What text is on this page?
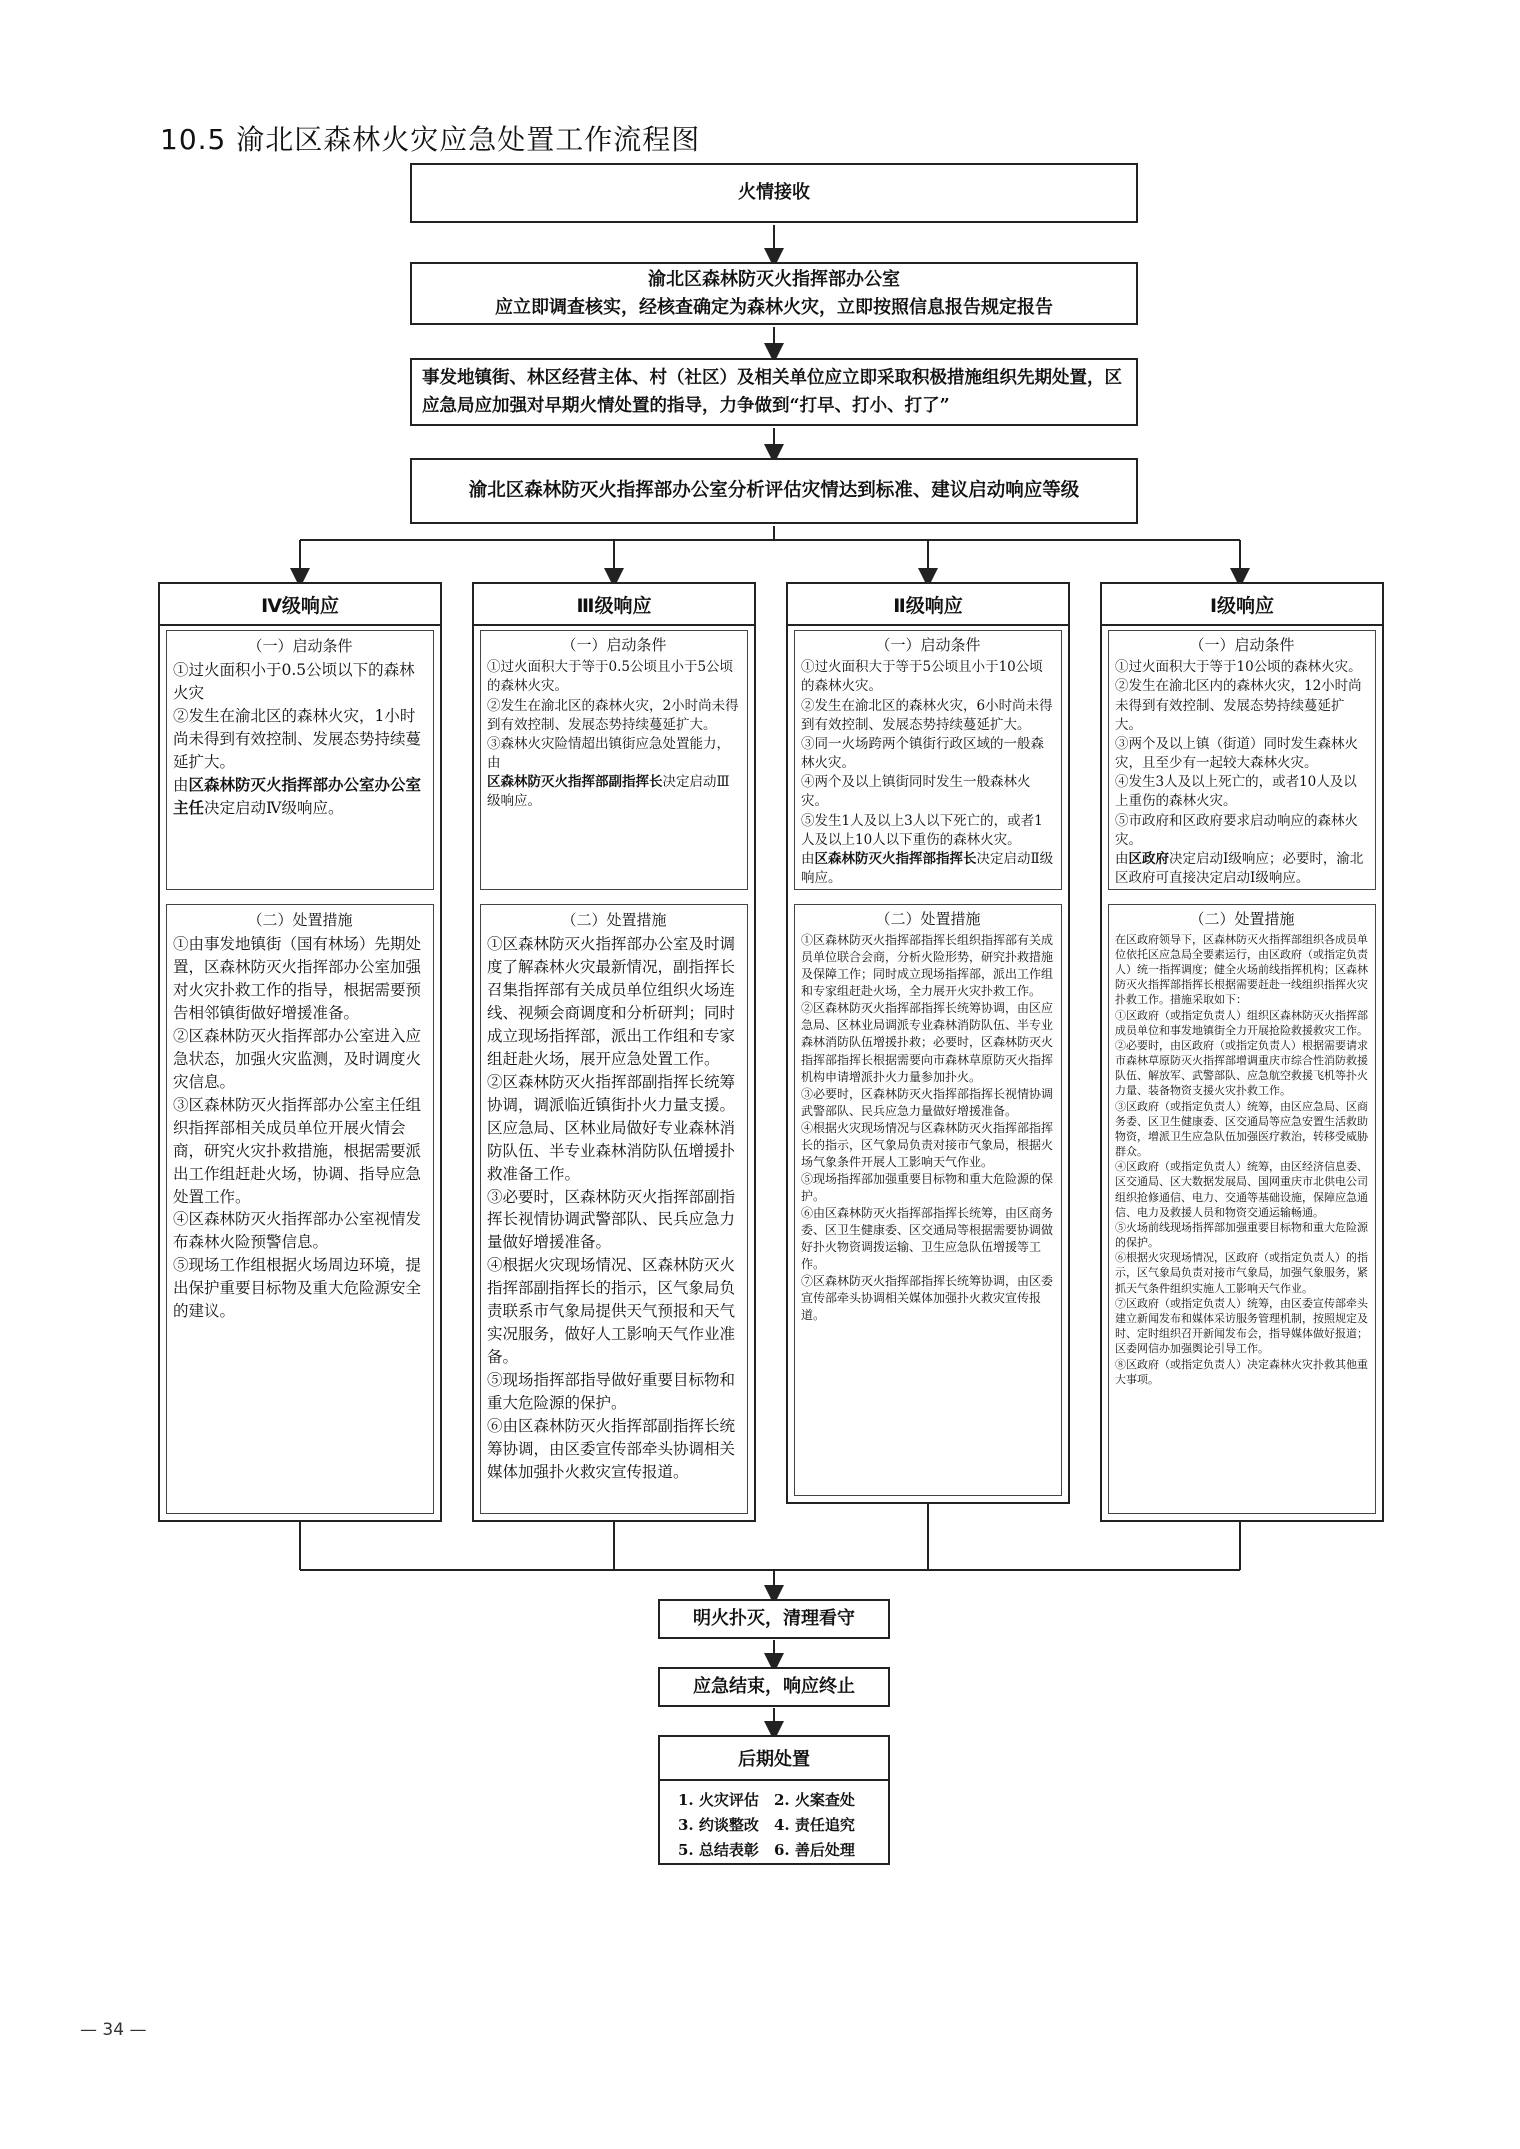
10.5 渝北区森林火灾应急处置工作流程图
火情接收
渝北区森林防灭火指挥部办公室
应立即调查核实，经核查确定为森林火灾，立即按照信息报告规定报告
事发地镇街、林区经营主体、村（社区）及相关单位应立即采取积极措施组织先期处置，区应急局应加强对早期火情处置的指导，力争做到“打早、打小、打了”
渝北区森林防灭火指挥部办公室分析评估灾情达到标准、建议启动响应等级
Ⅳ级响应
（一）启动条件

①过火面积小于0.5公顷以下的森林火灾

②发生在渝北区的森林火灾，1小时尚未得到有效控制、发展态势持续蔓延扩大。

由区森林防灭火指挥部办公室办公室主任决定启动Ⅳ级响应。

（二）处置措施

①由事发地镇街（国有林场）先期处置，区森林防灭火指挥部办公室加强对火灾扑救工作的指导，根据需要预告相邻镇街做好增援准备。

②区森林防灭火指挥部办公室进入应急状态，加强火灾监测，及时调度火灾信息。

③区森林防灭火指挥部办公室主任组织指挥部相关成员单位开展火情会商，研究火灾扑救措施，根据需要派出工作组赶赴火场，协调、指导应急处置工作。

④区森林防灭火指挥部办公室视情发布森林火险预警信息。

⑤现场工作组根据火场周边环境，提出保护重要目标物及重大危险源安全的建议。

Ⅲ级响应
（一）启动条件

①过火面积大于等于0.5公顷且小于5公顷的森林火灾。

②发生在渝北区的森林火灾，2小时尚未得到有效控制、发展态势持续蔓延扩大。

③森林火灾险情超出镇街应急处置能力，由

区森林防灭火指挥部副指挥长决定启动Ⅲ级响应。

（二）处置措施

①区森林防灭火指挥部办公室及时调度了解森林火灾最新情况，副指挥长召集指挥部有关成员单位组织火场连线、视频会商调度和分析研判；同时成立现场指挥部，派出工作组和专家组赶赴火场，展开应急处置工作。

②区森林防灭火指挥部副指挥长统筹协调，调派临近镇街扑火力量支援。区应急局、区林业局做好专业森林消防队伍、半专业森林消防队伍增援扑救准备工作。

③必要时，区森林防灭火指挥部副指挥长视情协调武警部队、民兵应急力量做好增援准备。

④根据火灾现场情况、区森林防灭火指挥部副指挥长的指示，区气象局负责联系市气象局提供天气预报和天气实况服务，做好人工影响天气作业准备。

⑤现场指挥部指导做好重要目标物和重大危险源的保护。

⑥由区森林防灭火指挥部副指挥长统筹协调，由区委宣传部牵头协调相关媒体加强扑火救灾宣传报道。

Ⅱ级响应
（一）启动条件

①过火面积大于等于5公顷且小于10公顷的森林火灾。

②发生在渝北区的森林火灾，6小时尚未得到有效控制、发展态势持续蔓延扩大。

③同一火场跨两个镇街行政区域的一般森林火灾。

④两个及以上镇街同时发生一般森林火灾。

⑤发生1人及以上3人以下死亡的，或者1人及以上10人以下重伤的森林火灾。

由区森林防灭火指挥部指挥长决定启动Ⅱ级响应。

（二）处置措施

①区森林防灭火指挥部指挥长组织指挥部有关成员单位联合会商，分析火险形势，研究扑救措施及保障工作；同时成立现场指挥部，派出工作组和专家组赶赴火场，全力展开火灾扑救工作。

②区森林防灭火指挥部指挥长统筹协调，由区应急局、区林业局调派专业森林消防队伍、半专业森林消防队伍增援扑救；必要时，区森林防灭火指挥部指挥长根据需要向市森林草原防灭火指挥机构申请增派扑火力量参加扑火。

③必要时，区森林防灭火指挥部指挥长视情协调武警部队、民兵应急力量做好增援准备。

④根据火灾现场情况与区森林防灭火指挥部指挥长的指示，区气象局负责对接市气象局，根据火场气象条件开展人工影响天气作业。

⑤现场指挥部加强重要目标物和重大危险源的保护。

⑥由区森林防灭火指挥部指挥长统筹，由区商务委、区卫生健康委、区交通局等根据需要协调做好扑火物资调拨运输、卫生应急队伍增援等工作。

⑦区森林防灭火指挥部指挥长统筹协调，由区委宣传部牵头协调相关媒体加强扑火救灾宣传报道。

Ⅰ级响应
（一）启动条件

①过火面积大于等于10公顷的森林火灾。

②发生在渝北区内的森林火灾，12小时尚未得到有效控制、发展态势持续蔓延扩大。

③两个及以上镇（街道）同时发生森林火灾，且至少有一起较大森林火灾。

④发生3人及以上死亡的，或者10人及以上重伤的森林火灾。

⑤市政府和区政府要求启动响应的森林火灾。

由区政府决定启动Ⅰ级响应；必要时，渝北区政府可直接决定启动Ⅰ级响应。

（二）处置措施

在区政府领导下，区森林防灭火指挥部组织各成员单位依托区应急局全要素运行，由区政府（或指定负责人）统一指挥调度；健全火场前线指挥机构；区森林防灭火指挥部指挥长根据需要赶赴一线组织指挥火灾扑救工作。措施采取如下：

①区政府（或指定负责人）组织区森林防灭火指挥部成员单位和事发地镇街全力开展抢险救援救灾工作。

②必要时，由区政府（或指定负责人）根据需要请求市森林草原防灭火指挥部增调重庆市综合性消防救援队伍、解放军、武警部队、应急航空救援飞机等扑火力量、装备物资支援火灾扑救工作。

③区政府（或指定负责人）统筹，由区应急局、区商务委、区卫生健康委、区交通局等应急安置生活救助物资，增派卫生应急队伍加强医疗救治，转移受威胁群众。

④区政府（或指定负责人）统筹，由区经济信息委、区交通局、区大数据发展局、国网重庆市北供电公司组织抢修通信、电力、交通等基础设施，保障应急通信、电力及救援人员和物资交通运输畅通。

⑤火场前线现场指挥部加强重要目标物和重大危险源的保护。

⑥根据火灾现场情况，区政府（或指定负责人）的指示，区气象局负责对接市气象局，加强气象服务，紧抓天气条件组织实施人工影响天气作业。

⑦区政府（或指定负责人）统筹，由区委宣传部牵头建立新闻发布和媒体采访服务管理机制，按照规定及时、定时组织召开新闻发布会，指导媒体做好报道；区委网信办加强舆论引导工作。

⑧区政府（或指定负责人）决定森林火灾扑救其他重大事项。

明火扑灭，清理看守
应急结束，响应终止
后期处置
1. 火灾评估	2. 火案查处
3. 约谈整改	4. 责任追究
5. 总结表彰	6. 善后处理
— 34 —
